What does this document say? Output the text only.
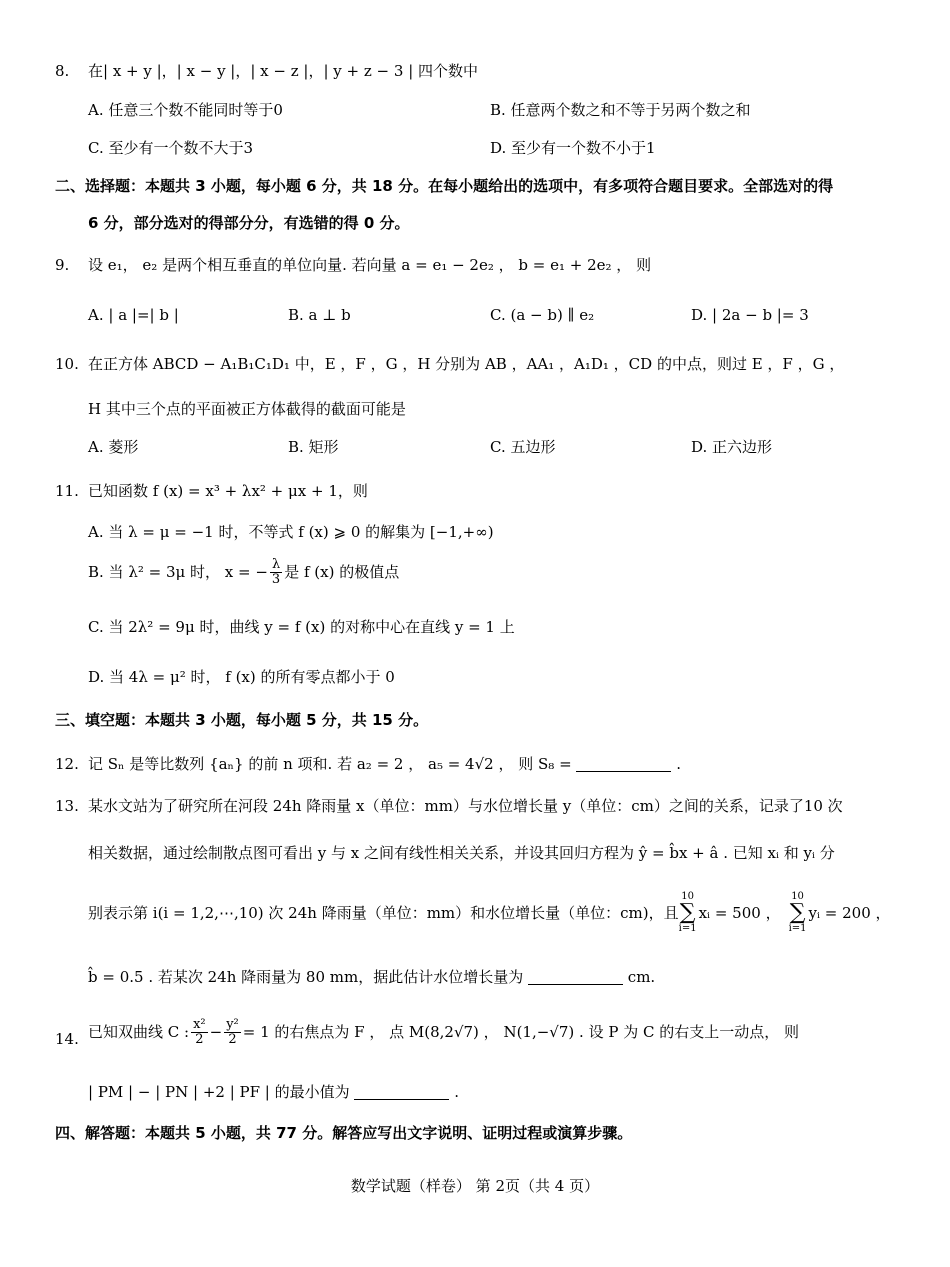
8. 在| x + y |，| x − y |，| x − z |，| y + z − 3 | 四个数中
A. 任意三个数不能同时等于0	B. 任意两个数之和不等于另两个数之和
C. 至少有一个数不大于3	D. 至少有一个数不小于1
二、选择题：本题共 3 小题，每小题 6 分，共 18 分。在每小题给出的选项中，有多项符合题目要求。全部选对的得
6 分，部分选对的得部分分，有选错的得 0 分。
9. 设 e₁， e₂ 是两个相互垂直的单位向量. 若向量 a = e₁ − 2e₂ ， b = e₁ + 2e₂ ， 则
A. | a |=| b |	B. a ⊥ b	C. (a − b) ∥ e₂	D. | 2a − b |= 3
10. 在正方体 ABCD − A₁B₁C₁D₁ 中，E ，F ，G ，H 分别为 AB ，AA₁ ，A₁D₁ ，CD 的中点，则过 E ，F ，G ，
H 其中三个点的平面被正方体截得的截面可能是
A. 菱形	B. 矩形	C. 五边形	D. 正六边形
11. 已知函数 f (x) = x³ + λx² + μx + 1，则
A. 当 λ = μ = −1 时，不等式 f (x) ⩾ 0 的解集为 [−1,+∞)
B. 当 λ² = 3μ 时， x = − $\frac{\lambda}{3}$ 是 f (x) 的极值点
C. 当 2λ² = 9μ 时，曲线 y = f (x) 的对称中心在直线 y = 1 上
D. 当 4λ = μ² 时， f (x) 的所有零点都小于 0
三、填空题：本题共 3 小题，每小题 5 分，共 15 分。
12. 记 Sₙ 是等比数列 {aₙ} 的前 n 项和. 若 a₂ = 2 ， a₅ = 4√2 ， 则 S₈ =	.
13. 某水文站为了研究所在河段 24h 降雨量 x（单位：mm）与水位增长量 y（单位：cm）之间的关系，记录了10 次
相关数据，通过绘制散点图可看出 y 与 x 之间有线性相关关系，并设其回归方程为 ŷ = b̂x + â . 已知 xᵢ 和 yᵢ 分
别表示第 i(i = 1,2,⋯,10) 次 24h 降雨量（单位：mm）和水位增长量（单位：cm)，且
10
∑
i=1
xᵢ = 500 ，
10
∑
i=1
yᵢ = 200 ，
b̂ = 0.5 . 若某次 24h 降雨量为 80 mm，据此估计水位增长量为	cm.
14. 已知双曲线 C : $\frac{\text{x²}}{2} - \frac{\text{y²}}{2} = 1$ 的右焦点为 F ， 点 M(8,2√7) ， N(1,−√7) . 设 P 为 C 的右支上一动点， 则
| PM | − | PN | +2 | PF | 的最小值为	.
四、解答题：本题共 5 小题，共 77 分。解答应写出文字说明、证明过程或演算步骤。
数学试题（样卷） 第 2页（共 4 页）
